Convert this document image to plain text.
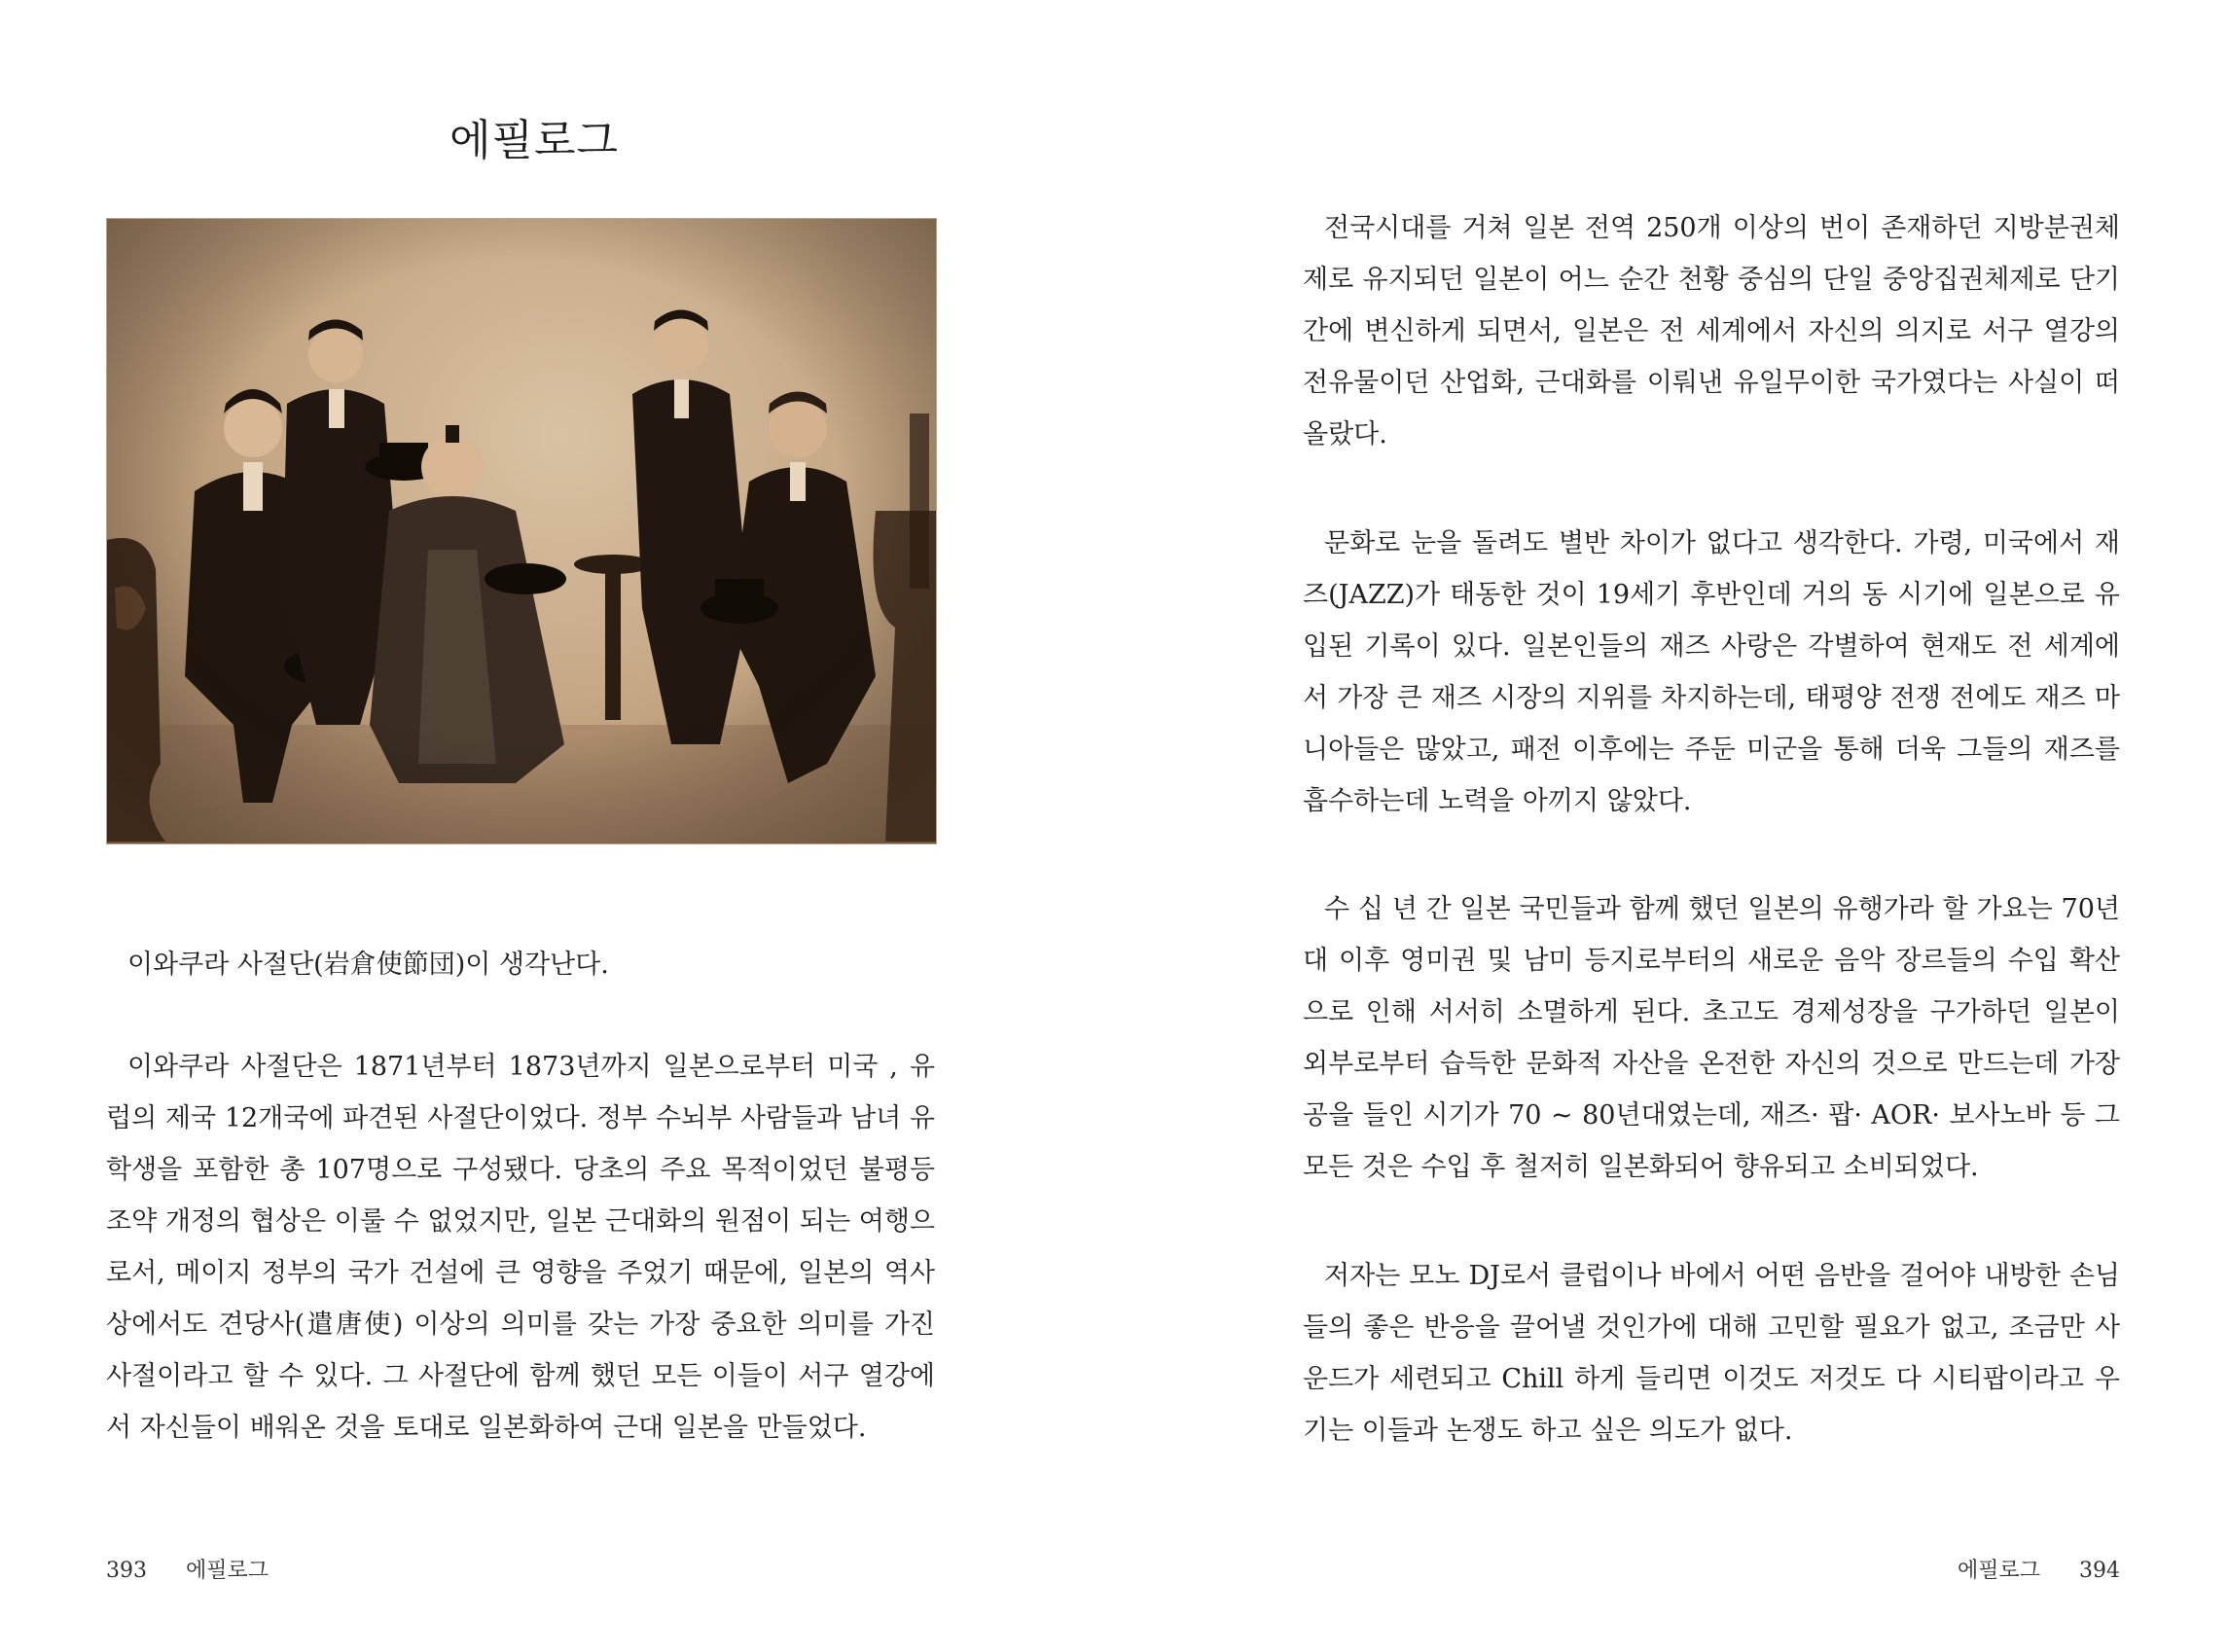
에필로그

이와쿠라 사절단(岩倉使節団)이 생각난다.

이와쿠라 사절단은 1871년부터 1873년까지 일본으로부터 미국 , 유럽의 제국 12개국에 파견된 사절단이었다. 정부 수뇌부 사람들과 남녀 유학생을 포함한 총 107명으로 구성됐다. 당초의 주요 목적이었던 불평등 조약 개정의 협상은 이룰 수 없었지만, 일본 근대화의 원점이 되는 여행으로서, 메이지 정부의 국가 건설에 큰 영향을 주었기 때문에, 일본의 역사상에서도 견당사(遣唐使) 이상의 의미를 갖는 가장 중요한 의미를 가진 사절이라고 할 수 있다. 그 사절단에 함께 했던 모든 이들이 서구 열강에서 자신들이 배워온 것을 토대로 일본화하여 근대 일본을 만들었다.

393 에필로그

전국시대를 거쳐 일본 전역 250개 이상의 번이 존재하던 지방분권체제로 유지되던 일본이 어느 순간 천황 중심의 단일 중앙집권체제로 단기간에 변신하게 되면서, 일본은 전 세계에서 자신의 의지로 서구 열강의 전유물이던 산업화, 근대화를 이뤄낸 유일무이한 국가였다는 사실이 떠올랐다.

문화로 눈을 돌려도 별반 차이가 없다고 생각한다. 가령, 미국에서 재즈(JAZZ)가 태동한 것이 19세기 후반인데 거의 동 시기에 일본으로 유입된 기록이 있다. 일본인들의 재즈 사랑은 각별하여 현재도 전 세계에서 가장 큰 재즈 시장의 지위를 차지하는데, 태평양 전쟁 전에도 재즈 마니아들은 많았고, 패전 이후에는 주둔 미군을 통해 더욱 그들의 재즈를 흡수하는데 노력을 아끼지 않았다.

수 십 년 간 일본 국민들과 함께 했던 일본의 유행가라 할 가요는 70년대 이후 영미권 및 남미 등지로부터의 새로운 음악 장르들의 수입 확산으로 인해 서서히 소멸하게 된다. 초고도 경제성장을 구가하던 일본이 외부로부터 습득한 문화적 자산을 온전한 자신의 것으로 만드는데 가장 공을 들인 시기가 70 ~ 80년대였는데, 재즈· 팝· AOR· 보사노바 등 그 모든 것은 수입 후 철저히 일본화되어 향유되고 소비되었다.

저자는 모노 DJ로서 클럽이나 바에서 어떤 음반을 걸어야 내방한 손님들의 좋은 반응을 끌어낼 것인가에 대해 고민할 필요가 없고, 조금만 사운드가 세련되고 Chill 하게 들리면 이것도 저것도 다 시티팝이라고 우기는 이들과 논쟁도 하고 싶은 의도가 없다.

에필로그 394
